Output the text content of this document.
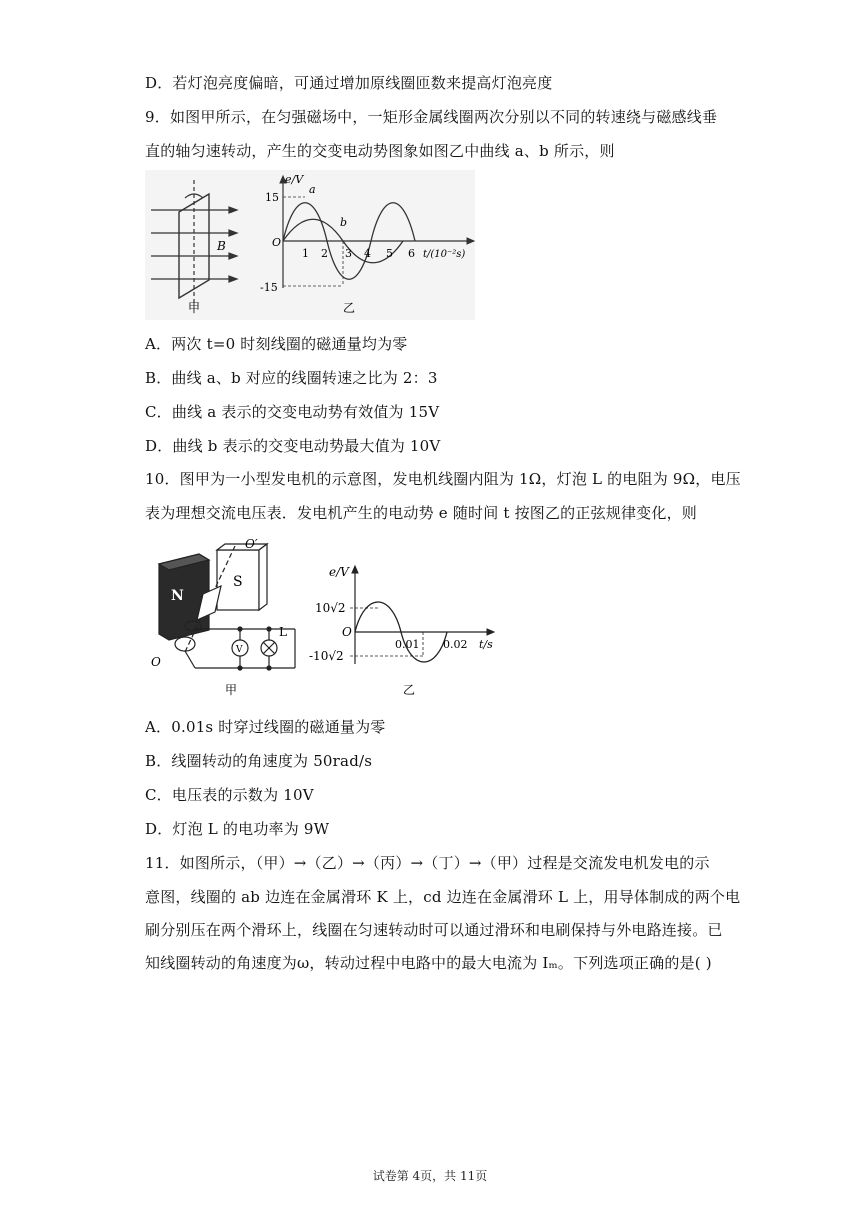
D．若灯泡亮度偏暗，可通过增加原线圈匝数来提高灯泡亮度
9．如图甲所示，在匀强磁场中，一矩形金属线圈两次分别以不同的转速绕与磁感线垂
直的轴匀速转动，产生的交变电动势图象如图乙中曲线 a、b 所示，则
B
甲
e/V
15
-15
O
a
b
1 2 3 4 5 6 t/(10⁻²s)
乙
A．两次 t=0 时刻线圈的磁通量均为零
B．曲线 a、b 对应的线圈转速之比为 2：3
C．曲线 a 表示的交变电动势有效值为 15V
D．曲线 b 表示的交变电动势最大值为 10V
10．图甲为一小型发电机的示意图，发电机线圈内阻为 1Ω，灯泡 L 的电阻为 9Ω，电压
表为理想交流电压表．发电机产生的电动势 e 随时间 t 按图乙的正弦规律变化，则
N
S
O′
O
V
L
甲
e/V
10√2
O
-10√2
0.01 0.02 t/s
乙
A．0.01s 时穿过线圈的磁通量为零
B．线圈转动的角速度为 50rad/s
C．电压表的示数为 10V
D．灯泡 L 的电功率为 9W
11．如图所示，（甲）→（乙）→（丙）→（丁）→（甲）过程是交流发电机发电的示
意图，线圈的 ab 边连在金属滑环 K 上，cd 边连在金属滑环 L 上，用导体制成的两个电
刷分别压在两个滑环上，线圈在匀速转动时可以通过滑环和电刷保持与外电路连接。已
知线圈转动的角速度为ω，转动过程中电路中的最大电流为 Iₘ。下列选项正确的是( )
试卷第 4页，共 11页
